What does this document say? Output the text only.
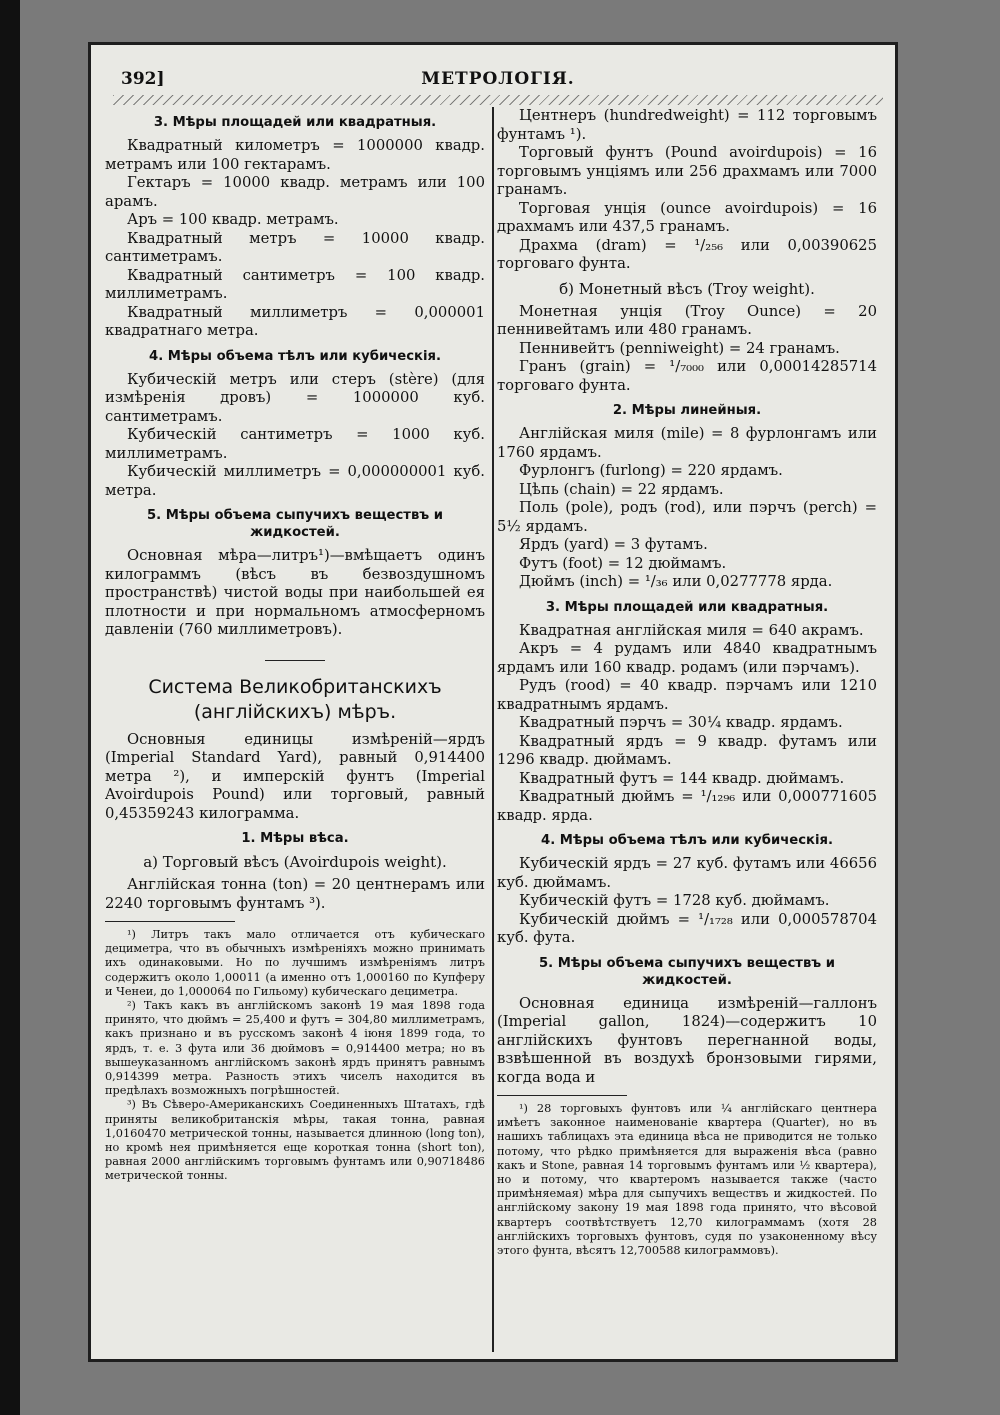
МЕТРОЛОГІЯ.
392]
3. Мѣры площадей или квадратныя.

Квадратный километръ = 1000000 квадр. метрамъ или 100 гектарамъ.

Гектаръ = 10000 квадр. метрамъ или 100 арамъ.

Аръ = 100 квадр. метрамъ.

Квадратный метръ = 10000 квадр. сантиметрамъ.

Квадратный сантиметръ = 100 квадр. миллиметрамъ.

Квадратный миллиметръ = 0,000001 квадратнаго метра.

4. Мѣры объема тѣлъ или кубическія.

Кубическій метръ или стеръ (stère) (для измѣренія дровъ) = 1000000 куб. сантиметрамъ.

Кубическій сантиметръ = 1000 куб. миллиметрамъ.

Кубическій миллиметръ = 0,000000001 куб. метра.

5. Мѣры объема сыпучихъ веществъ и жидкостей.

Основная мѣра—литръ¹)—вмѣщаетъ одинъ килограммъ (вѣсъ въ безвоздушномъ пространствѣ) чистой воды при наибольшей ея плотности и при нормальномъ атмосферномъ давленіи (760 миллиметровъ).

Система Великобританскихъ (англійскихъ) мѣръ.

Основныя единицы измѣреній—ярдъ (Imperial Standard Yard), равный 0,914400 метра ²), и имперскій фунтъ (Imperial Avoirdupois Pound) или торговый, равный 0,45359243 килограмма.

1. Мѣры вѣса.
а) Торговый вѣсъ (Avoirdupois weight).

Англійская тонна (ton) = 20 центнерамъ или 2240 торговымъ фунтамъ ³).

¹) Литръ такъ мало отличается отъ кубическаго дециметра, что въ обычныхъ измѣреніяхъ можно принимать ихъ одинаковыми. Но по лучшимъ измѣреніямъ литръ содержитъ около 1,00011 (а именно отъ 1,000160 по Купферу и Ченеи, до 1,000064 по Гильому) кубическаго дециметра.

²) Такъ какъ въ англійскомъ законѣ 19 мая 1898 года принято, что дюймъ = 25,400 и футъ = 304,80 миллиметрамъ, какъ признано и въ русскомъ законѣ 4 іюня 1899 года, то ярдъ, т. е. 3 фута или 36 дюймовъ = 0,914400 метра; но въ вышеуказанномъ англійскомъ законѣ ярдъ принятъ равнымъ 0,914399 метра. Разность этихъ чиселъ находится въ предѣлахъ возможныхъ погрѣшностей.

³) Въ Сѣверо-Американскихъ Соединенныхъ Штатахъ, гдѣ приняты великобританскія мѣры, такая тонна, равная 1,0160470 метрической тонны, называется длинною (long ton), но кромѣ нея примѣняется еще короткая тонна (short ton), равная 2000 англійскимъ торговымъ фунтамъ или 0,90718486 метрической тонны.

Центнеръ (hundredweight) = 112 торговымъ фунтамъ ¹).

Торговый фунтъ (Pound avoirdupois) = 16 торговымъ унціямъ или 256 драхмамъ или 7000 гранамъ.

Торговая унція (ounce avoirdupois) = 16 драхмамъ или 437,5 гранамъ.

Драхма (dram) = ¹/₂₅₆ или 0,00390625 торговаго фунта.

б) Монетный вѣсъ (Troy weight).

Монетная унція (Troy Ounce) = 20 пеннивейтамъ или 480 гранамъ.

Пеннивейтъ (penniweight) = 24 гранамъ.

Гранъ (grain) = ¹/₇₀₀₀ или 0,00014285714 торговаго фунта.

2. Мѣры линейныя.

Англійская миля (mile) = 8 фурлонгамъ или 1760 ярдамъ.

Фурлонгъ (furlong) = 220 ярдамъ.

Цѣпь (chain) = 22 ярдамъ.

Поль (pole), родъ (rod), или пэрчъ (perch) = 5½ ярдамъ.

Ярдъ (yard) = 3 футамъ.

Футъ (foot) = 12 дюймамъ.

Дюймъ (inch) = ¹/₃₆ или 0,0277778 ярда.

3. Мѣры площадей или квадратныя.

Квадратная англійская миля = 640 акрамъ.

Акръ = 4 рудамъ или 4840 квадратнымъ ярдамъ или 160 квадр. родамъ (или пэрчамъ).

Рудъ (rood) = 40 квадр. пэрчамъ или 1210 квадратнымъ ярдамъ.

Квадратный пэрчъ = 30¼ квадр. ярдамъ.

Квадратный ярдъ = 9 квадр. футамъ или 1296 квадр. дюймамъ.

Квадратный футъ = 144 квадр. дюймамъ.

Квадратный дюймъ = ¹/₁₂₉₆ или 0,000771605 квадр. ярда.

4. Мѣры объема тѣлъ или кубическія.

Кубическій ярдъ = 27 куб. футамъ или 46656 куб. дюймамъ.

Кубическій футъ = 1728 куб. дюймамъ.

Кубическій дюймъ = ¹/₁₇₂₈ или 0,000578704 куб. фута.

5. Мѣры объема сыпучихъ веществъ и жидкостей.

Основная единица измѣреній—галлонъ (Imperial gallon, 1824)—содержитъ 10 англійскихъ фунтовъ перегнанной воды, взвѣшенной въ воздухѣ бронзовыми гирями, когда вода и

¹) 28 торговыхъ фунтовъ или ¼ англійскаго центнера имѣетъ законное наименованіе квартера (Quarter), но въ нашихъ таблицахъ эта единица вѣса не приводится не только потому, что рѣдко примѣняется для выраженія вѣса (равно какъ и Stone, равная 14 торговымъ фунтамъ или ½ квартера), но и потому, что квартеромъ называется также (часто примѣняемая) мѣра для сыпучихъ веществъ и жидкостей. По англійскому закону 19 мая 1898 года принято, что вѣсовой квартеръ соотвѣтствуетъ 12,70 килограммамъ (хотя 28 англійскихъ торговыхъ фунтовъ, судя по узаконенному вѣсу этого фунта, вѣсятъ 12,700588 килограммовъ).
